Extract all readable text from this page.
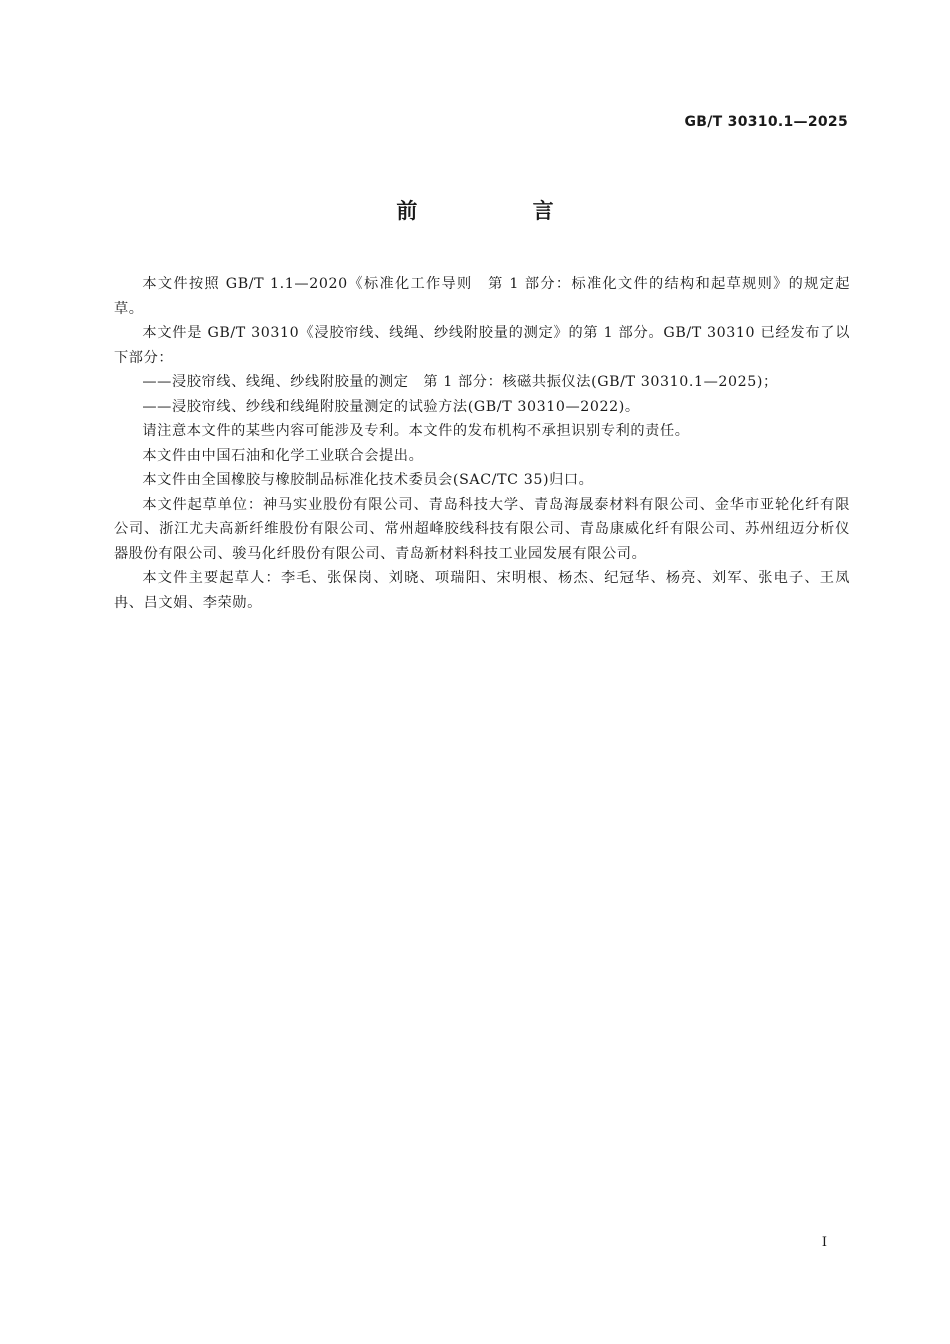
GB/T 30310.1—2025
前 言

本文件按照 GB/T 1.1—2020《标准化工作导则　第 1 部分：标准化文件的结构和起草规则》的规定起草。

本文件是 GB/T 30310《浸胶帘线、线绳、纱线附胶量的测定》的第 1 部分。GB/T 30310 已经发布了以下部分：

——浸胶帘线、线绳、纱线附胶量的测定　第 1 部分：核磁共振仪法(GB/T 30310.1—2025)；

——浸胶帘线、纱线和线绳附胶量测定的试验方法(GB/T 30310—2022)。

请注意本文件的某些内容可能涉及专利。本文件的发布机构不承担识别专利的责任。

本文件由中国石油和化学工业联合会提出。

本文件由全国橡胶与橡胶制品标准化技术委员会(SAC/TC 35)归口。

本文件起草单位：神马实业股份有限公司、青岛科技大学、青岛海晟泰材料有限公司、金华市亚轮化纤有限公司、浙江尤夫高新纤维股份有限公司、常州超峰胶线科技有限公司、青岛康威化纤有限公司、苏州纽迈分析仪器股份有限公司、骏马化纤股份有限公司、青岛新材料科技工业园发展有限公司。

本文件主要起草人：李毛、张保岗、刘晓、项瑞阳、宋明根、杨杰、纪冠华、杨亮、刘军、张电子、王凤冉、吕文娟、李荣勋。

I
